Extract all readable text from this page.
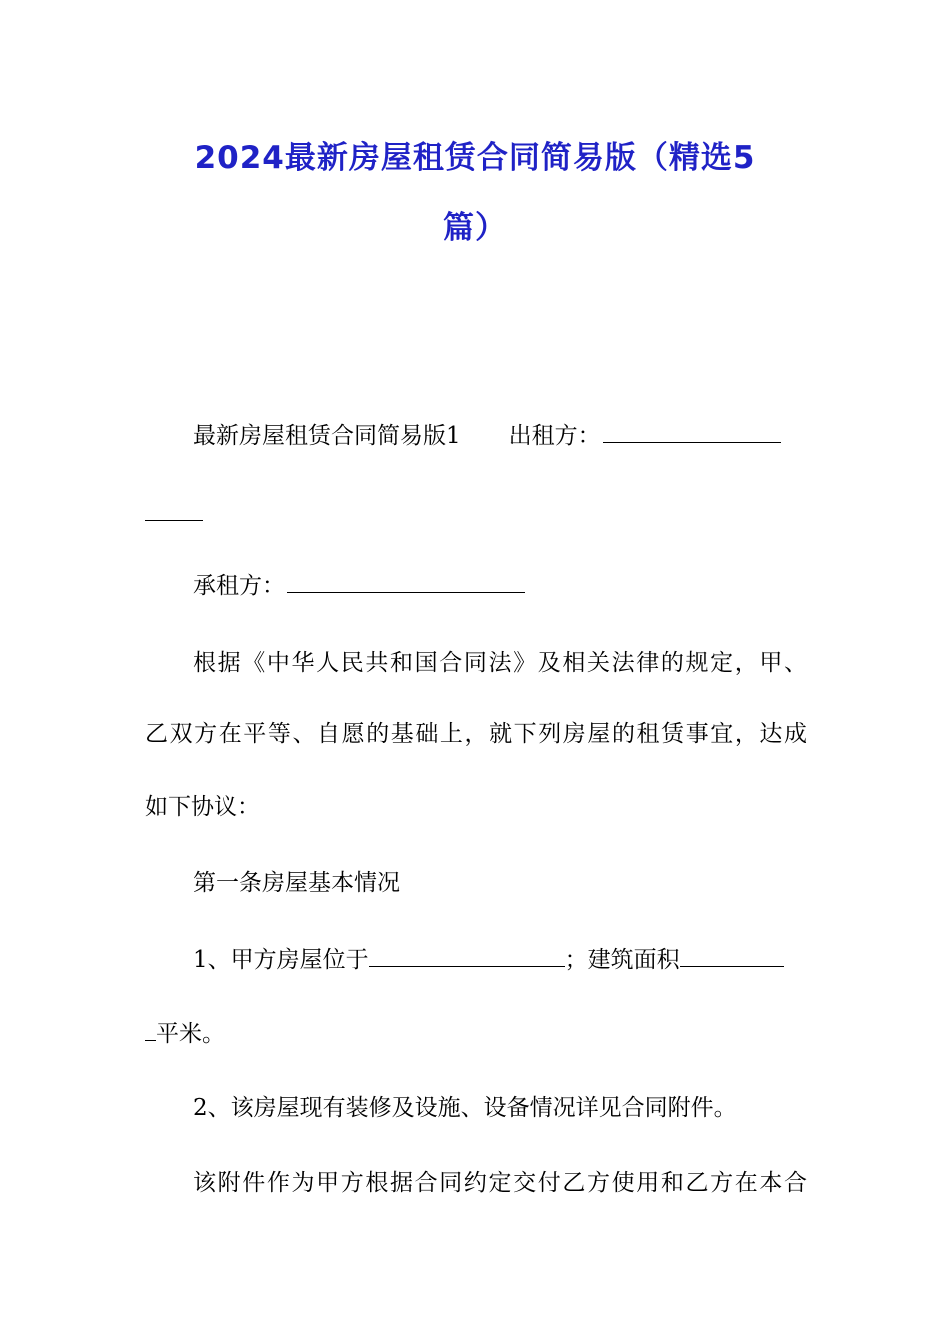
2024最新房屋租赁合同简易版（精选5
篇）
最新房屋租赁合同简易版1 出租方：
承租方：
根据《中华人民共和国合同法》及相关法律的规定，甲、
乙双方在平等、自愿的基础上，就下列房屋的租赁事宜，达成
如下协议：
第一条房屋基本情况
1、甲方房屋位于	；建筑面积
平米。
2、该房屋现有装修及设施、设备情况详见合同附件。
该附件作为甲方根据合同约定交付乙方使用和乙方在本合
